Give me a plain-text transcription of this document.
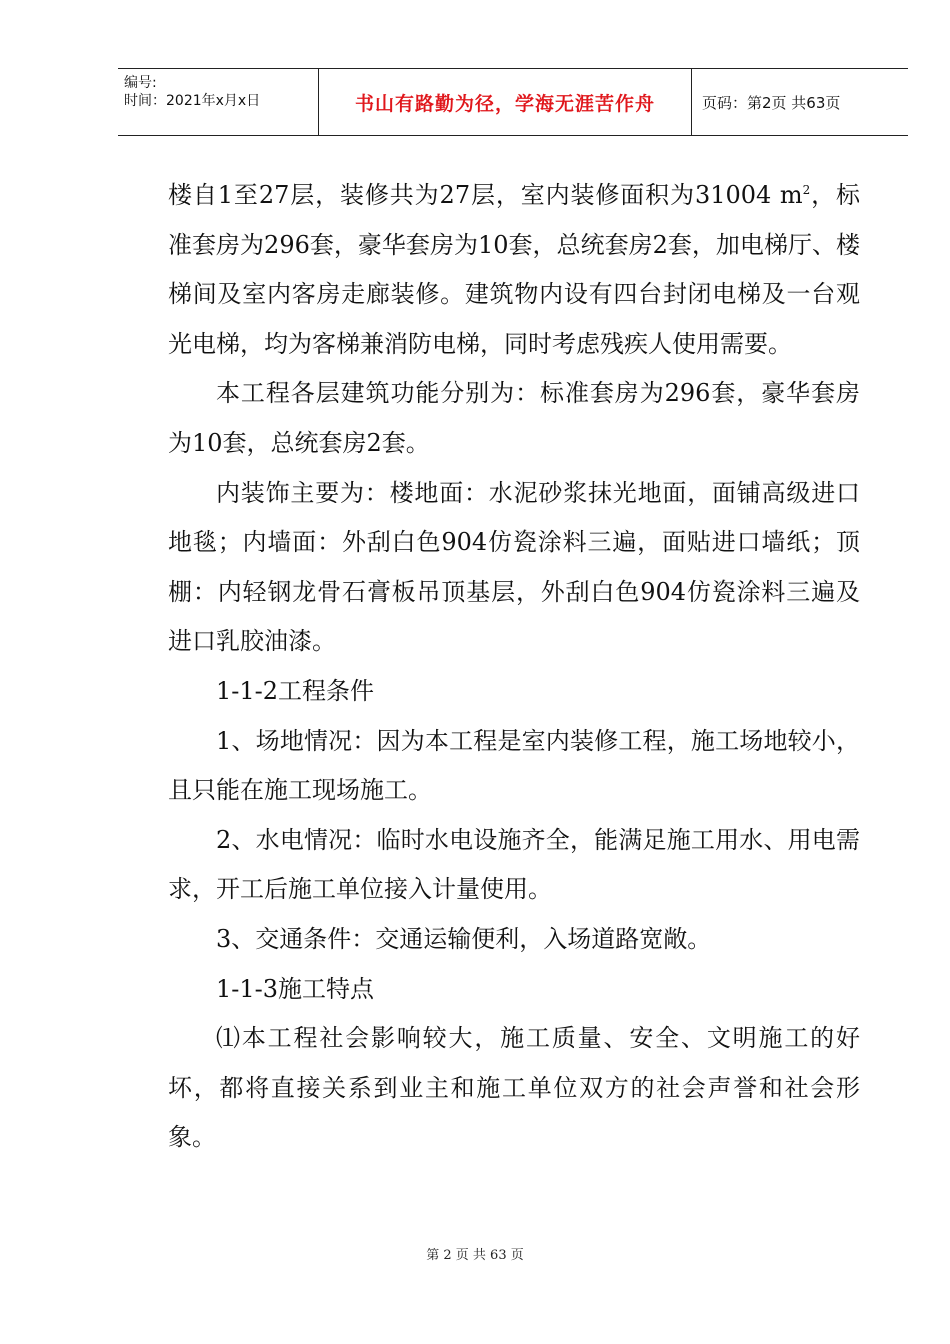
编号:
时间：2021年x月x日	书山有路勤为径，学海无涯苦作舟	页码：第2页 共63页

楼自1至27层，装修共为27层，室内装修面积为31004 $m^2$，标准套房为296套，豪华套房为10套，总统套房2套，加电梯厅、楼梯间及室内客房走廊装修。建筑物内设有四台封闭电梯及一台观光电梯，均为客梯兼消防电梯，同时考虑残疾人使用需要。

本工程各层建筑功能分别为：标准套房为296套，豪华套房为10套，总统套房2套。

内装饰主要为：楼地面：水泥砂浆抹光地面，面铺高级进口地毯；内墙面：外刮白色904仿瓷涂料三遍，面贴进口墙纸；顶棚：内轻钢龙骨石膏板吊顶基层，外刮白色904仿瓷涂料三遍及进口乳胶油漆。

1-1-2工程条件

1、场地情况：因为本工程是室内装修工程，施工场地较小，且只能在施工现场施工。

2、水电情况：临时水电设施齐全，能满足施工用水、用电需求，开工后施工单位接入计量使用。

3、交通条件：交通运输便利，入场道路宽敞。

1-1-3施工特点

⑴本工程社会影响较大，施工质量、安全、文明施工的好坏，都将直接关系到业主和施工单位双方的社会声誉和社会形象。

第 2 页 共 63 页
